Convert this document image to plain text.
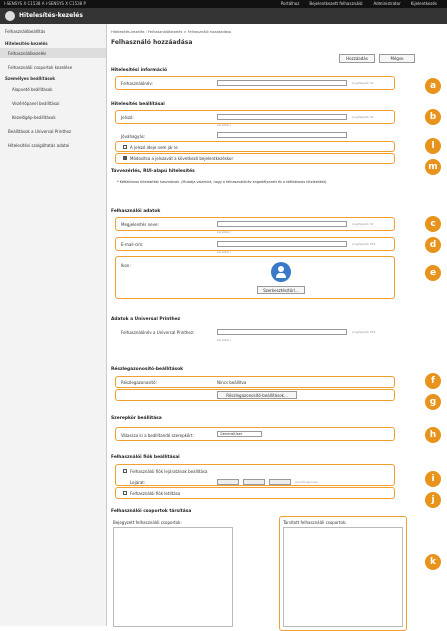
I-SENSYS X C1538 A I-SENSYS X C1538 P	Portálhoz	Bejelentkezett felhasználó:	Administrator	Kijelentkezés
Hitelesítés-kezelés
Felhasználóbeállítás
Hitelesítés-kezelés
Felhasználókezelés
Felhasználói csoportok kezelése
Személyes beállítások
Alapvető beállítások
Vezérlőpanel beállításai
Kezelőgép-beállítások
Beállítások a Universal Printhez
Hitelesítési szolgáltatás adatai
Hitelesítés-kezelés : Felhasználókezelés > Felhasználó hozzáadása
Felhasználó hozzáadása
Hozzáadás	Mégse
Hitelesítési információ
Felhasználónév:	(Legfeljebb 32
Hitelesítés beállításai
Jelszó:	(Legfeljebb 32
karakter)
Jóváhagyás:
A jelszó ideje nem jár le
Módosítsa a jelszavát a következő bejelentkezéskor
Távvezérlés, RUI-alapú hitelesítés
* Kétfaktoros hitelesítést használnak. (Mutatja valamint, hogy a felhasználónév engedélyezett és a kétfaktoros hitelesítést).
Felhasználói adatok
Megjelenítés neve:	(Legfeljebb 32
karakter)
E-mail-cím:	(Legfeljebb 256
karakter)
Ikon:
Szerkesztés/törl...
Adatok a Universal Printhez
Felhasználónév a Universal Printhez:	(Legfeljebb 256
karakter)
Részlegazonosító-beállítások
Részlegazonosító:	Nincs beállítva
Részlegazonosító-beállítások...
Szerepkör beállítása
Válassza ki a beállítandó szerepkört:	GeneralUser
Felhasználói fiók beállításai
Felhasználói fiók lejáratának beállítása
Lejárat:	(év/hónap/nap)
Felhasználói fiók letiltása
Felhasználói csoportok társítása
Bejegyzett felhasználói csoportok:	Társított felhasználói csoportok:
a
b
l
m
c
d
e
f
g
h
i
j
k
